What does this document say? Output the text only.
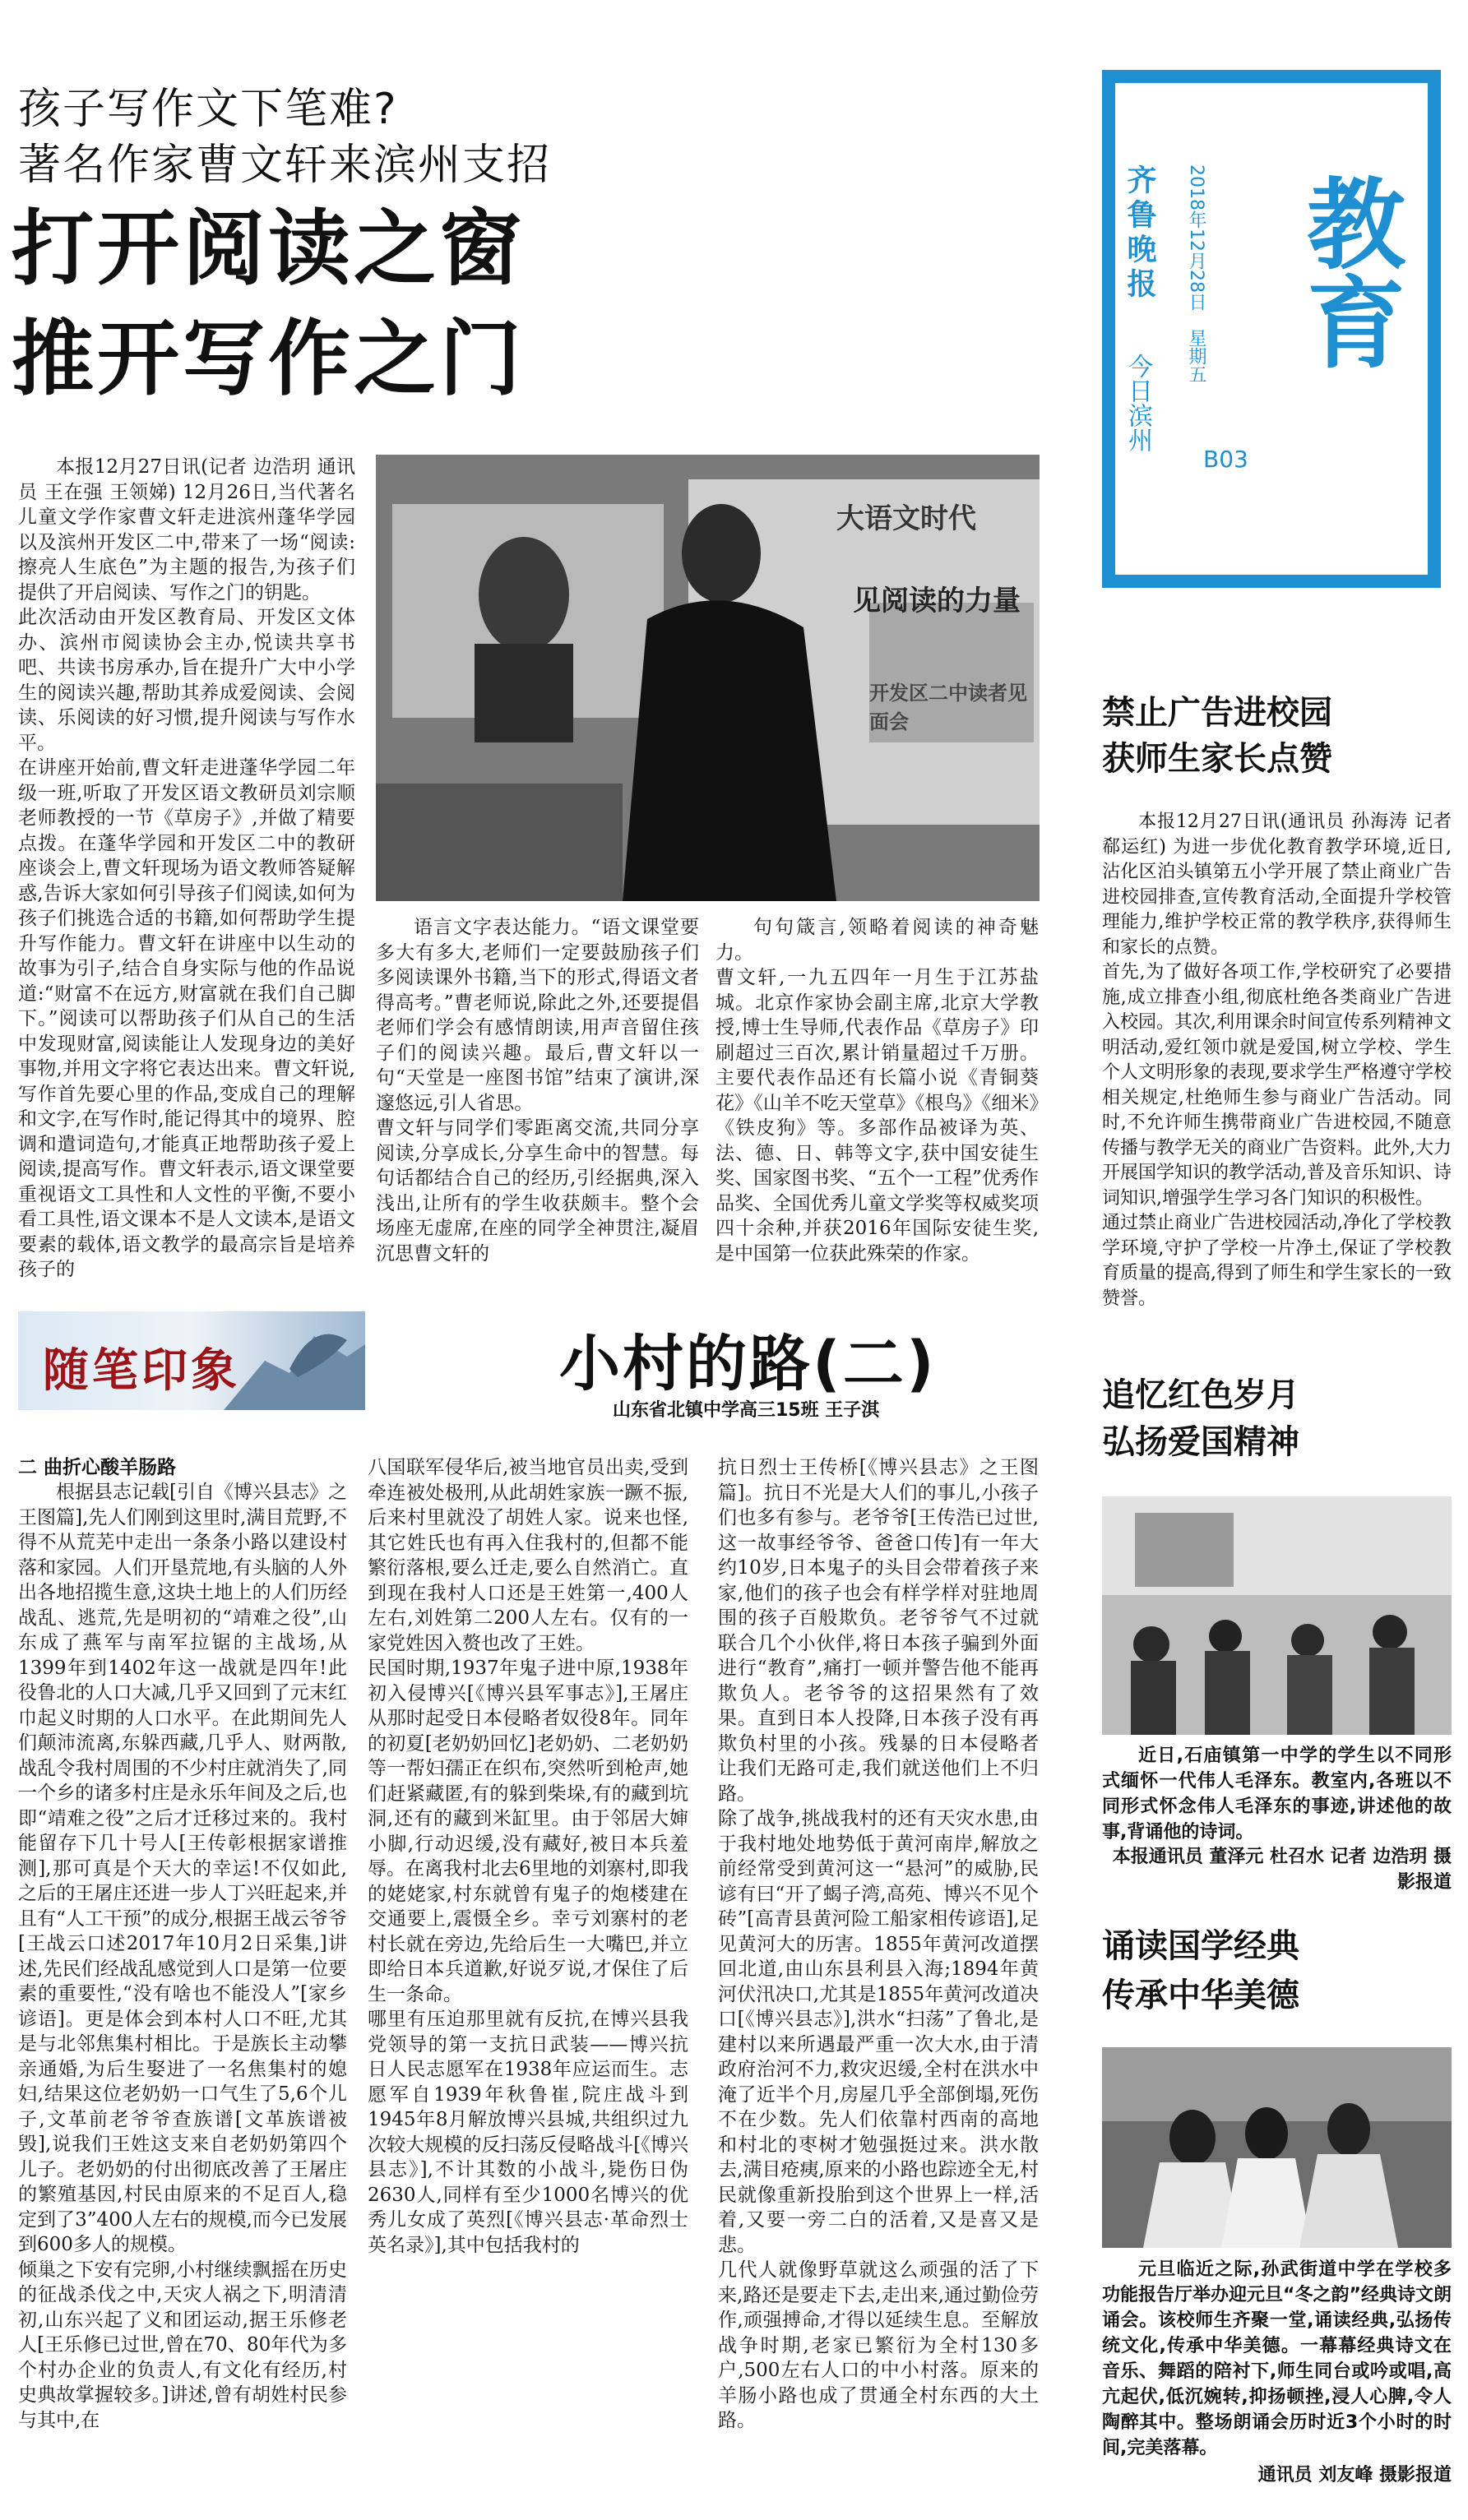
孩子写作文下笔难?
著名作家曹文轩来滨州支招
打开阅读之窗
推开写作之门
大语文时代
见阅读的力量
开发区二中读者见面会
本报12月27日讯(记者 边浩玥 通讯员 王在强 王领娣) 12月26日,当代著名儿童文学作家曹文轩走进滨州蓬华学园以及滨州开发区二中,带来了一场“阅读:擦亮人生底色”为主题的报告,为孩子们提供了开启阅读、写作之门的钥匙。
此次活动由开发区教育局、开发区文体办、滨州市阅读协会主办,悦读共享书吧、共读书房承办,旨在提升广大中小学生的阅读兴趣,帮助其养成爱阅读、会阅读、乐阅读的好习惯,提升阅读与写作水平。
在讲座开始前,曹文轩走进蓬华学园二年级一班,听取了开发区语文教研员刘宗顺老师教授的一节《草房子》,并做了精要点拨。在蓬华学园和开发区二中的教研座谈会上,曹文轩现场为语文教师答疑解惑,告诉大家如何引导孩子们阅读,如何为孩子们挑选合适的书籍,如何帮助学生提升写作能力。曹文轩在讲座中以生动的故事为引子,结合自身实际与他的作品说道:“财富不在远方,财富就在我们自己脚下。”阅读可以帮助孩子们从自己的生活中发现财富,阅读能让人发现身边的美好事物,并用文字将它表达出来。曹文轩说,写作首先要心里的作品,变成自己的理解和文字,在写作时,能记得其中的境界、腔调和遣词造句,才能真正地帮助孩子爱上阅读,提高写作。曹文轩表示,语文课堂要重视语文工具性和人文性的平衡,不要小看工具性,语文课本不是人文读本,是语文要素的载体,语文教学的最高宗旨是培养孩子的
语言文字表达能力。“语文课堂要多大有多大,老师们一定要鼓励孩子们多阅读课外书籍,当下的形式,得语文者得高考。”曹老师说,除此之外,还要提倡老师们学会有感情朗读,用声音留住孩子们的阅读兴趣。最后,曹文轩以一句“天堂是一座图书馆”结束了演讲,深邃悠远,引人省思。
曹文轩与同学们零距离交流,共同分享阅读,分享成长,分享生命中的智慧。每句话都结合自己的经历,引经据典,深入浅出,让所有的学生收获颇丰。整个会场座无虚席,在座的同学全神贯注,凝眉沉思曹文轩的
句句箴言,领略着阅读的神奇魅力。
曹文轩,一九五四年一月生于江苏盐城。北京作家协会副主席,北京大学教授,博士生导师,代表作品《草房子》印刷超过三百次,累计销量超过千万册。主要代表作品还有长篇小说《青铜葵花》《山羊不吃天堂草》《根鸟》《细米》《铁皮狗》等。多部作品被译为英、法、德、日、韩等文字,获中国安徒生奖、国家图书奖、“五个一工程”优秀作品奖、全国优秀儿童文学奖等权威奖项四十余种,并获2016年国际安徒生奖,是中国第一位获此殊荣的作家。
齐鲁晚报 2018年12月28日
星期五
今日滨州
教育
B03
禁止广告进校园
获师生家长点赞
本报12月27日讯(通讯员 孙海涛 记者 郗运红) 为进一步优化教育教学环境,近日,沾化区泊头镇第五小学开展了禁止商业广告进校园排查,宣传教育活动,全面提升学校管理能力,维护学校正常的教学秩序,获得师生和家长的点赞。
首先,为了做好各项工作,学校研究了必要措施,成立排查小组,彻底杜绝各类商业广告进入校园。其次,利用课余时间宣传系列精神文明活动,爱红领巾就是爱国,树立学校、学生个人文明形象的表现,要求学生严格遵守学校相关规定,杜绝师生参与商业广告活动。同时,不允许师生携带商业广告进校园,不随意传播与教学无关的商业广告资料。此外,大力开展国学知识的教学活动,普及音乐知识、诗词知识,增强学生学习各门知识的积极性。
通过禁止商业广告进校园活动,净化了学校教学环境,守护了学校一片净土,保证了学校教育质量的提高,得到了师生和学生家长的一致赞誉。
追忆红色岁月
弘扬爱国精神
近日,石庙镇第一中学的学生以不同形式缅怀一代伟人毛泽东。教室内,各班以不同形式怀念伟人毛泽东的事迹,讲述他的故事,背诵他的诗词。
本报通讯员 董泽元 杜召水 记者 边浩玥 摄影报道
诵读国学经典
传承中华美德
元旦临近之际,孙武街道中学在学校多功能报告厅举办迎元旦“冬之韵”经典诗文朗诵会。该校师生齐聚一堂,诵读经典,弘扬传统文化,传承中华美德。一幕幕经典诗文在音乐、舞蹈的陪衬下,师生同台或吟或唱,高亢起伏,低沉婉转,抑扬顿挫,浸人心脾,令人陶醉其中。整场朗诵会历时近3个小时的时间,完美落幕。
通讯员 刘友峰 摄影报道
随笔印象	小村的路(二)
山东省北镇中学高三15班 王子淇
二 曲折心酸羊肠路
根据县志记载[引自《博兴县志》之王图篇],先人们刚到这里时,满目荒野,不得不从荒芜中走出一条条小路以建设村落和家园。人们开垦荒地,有头脑的人外出各地招揽生意,这块土地上的人们历经战乱、逃荒,先是明初的“靖难之役”,山东成了燕军与南军拉锯的主战场,从1399年到1402年这一战就是四年!此役鲁北的人口大减,几乎又回到了元末红巾起义时期的人口水平。在此期间先人们颠沛流离,东躲西藏,几乎人、财两散,战乱令我村周围的不少村庄就消失了,同一个乡的诸多村庄是永乐年间及之后,也即“靖难之役”之后才迁移过来的。我村能留存下几十号人[王传彰根据家谱推测],那可真是个天大的幸运!不仅如此,之后的王屠庄还进一步人丁兴旺起来,并且有“人工干预”的成分,根据王战云爷爷[王战云口述2017年10月2日采集,]讲述,先民们经战乱感觉到人口是第一位要素的重要性,“没有啥也不能没人”[家乡谚语]。更是体会到本村人口不旺,尤其是与北邻焦集村相比。于是族长主动攀亲通婚,为后生娶进了一名焦集村的媳妇,结果这位老奶奶一口气生了5,6个儿子,文革前老爷爷查族谱[文革族谱被毁],说我们王姓这支来自老奶奶第四个儿子。老奶奶的付出彻底改善了王屠庄的繁殖基因,村民由原来的不足百人,稳定到了3”400人左右的规模,而今已发展到600多人的规模。
倾巢之下安有完卵,小村继续飘摇在历史的征战杀伐之中,天灾人祸之下,明清清初,山东兴起了义和团运动,据王乐修老人[王乐修已过世,曾在70、80年代为多个村办企业的负责人,有文化有经历,村史典故掌握较多。]讲述,曾有胡姓村民参与其中,在
八国联军侵华后,被当地官员出卖,受到牵连被处极刑,从此胡姓家族一蹶不振,后来村里就没了胡姓人家。说来也怪,其它姓氏也有再入住我村的,但都不能繁衍落根,要么迁走,要么自然消亡。直到现在我村人口还是王姓第一,400人左右,刘姓第二200人左右。仅有的一家党姓因入赘也改了王姓。
民国时期,1937年鬼子进中原,1938年初入侵博兴[《博兴县军事志》],王屠庄从那时起受日本侵略者奴役8年。同年的初夏[老奶奶回忆]老奶奶、二老奶奶等一帮妇孺正在织布,突然听到枪声,她们赶紧藏匿,有的躲到柴垛,有的藏到坑洞,还有的藏到米缸里。由于邻居大婶小脚,行动迟缓,没有藏好,被日本兵羞辱。在离我村北去6里地的刘寨村,即我的姥姥家,村东就曾有鬼子的炮楼建在交通要上,震慑全乡。幸亏刘寨村的老村长就在旁边,先给后生一大嘴巴,并立即给日本兵道歉,好说歹说,才保住了后生一条命。
哪里有压迫那里就有反抗,在博兴县我党领导的第一支抗日武装——博兴抗日人民志愿军在1938年应运而生。志愿军自1939年秋鲁崔,院庄战斗到1945年8月解放博兴县城,共组织过九次较大规模的反扫荡反侵略战斗[《博兴县志》],不计其数的小战斗,毙伤日伪2630人,同样有至少1000名博兴的优秀儿女成了英烈[《博兴县志·革命烈士英名录》],其中包括我村的
抗日烈士王传桥[《博兴县志》之王图篇]。抗日不光是大人们的事儿,小孩子们也多有参与。老爷爷[王传浩已过世,这一故事经爷爷、爸爸口传]有一年大约10岁,日本鬼子的头目会带着孩子来家,他们的孩子也会有样学样对驻地周围的孩子百般欺负。老爷爷气不过就联合几个小伙伴,将日本孩子骗到外面进行“教育”,痛打一顿并警告他不能再欺负人。老爷爷的这招果然有了效果。直到日本人投降,日本孩子没有再欺负村里的小孩。残暴的日本侵略者让我们无路可走,我们就送他们上不归路。
除了战争,挑战我村的还有天灾水患,由于我村地处地势低于黄河南岸,解放之前经常受到黄河这一“悬河”的威胁,民谚有曰“开了蝎子湾,高苑、博兴不见个砖”[高青县黄河险工船家相传谚语],足见黄河大的历害。1855年黄河改道摆回北道,由山东县利县入海;1894年黄河伏汛决口,尤其是1855年黄河改道决口[《博兴县志》],洪水“扫荡”了鲁北,是建村以来所遇最严重一次大水,由于清政府治河不力,救灾迟缓,全村在洪水中淹了近半个月,房屋几乎全部倒塌,死伤不在少数。先人们依靠村西南的高地和村北的枣树才勉强挺过来。洪水散去,满目疮痍,原来的小路也踪迹全无,村民就像重新投胎到这个世界上一样,活着,又要一旁二白的活着,又是喜又是悲。
几代人就像野草就这么顽强的活了下来,路还是要走下去,走出来,通过勤俭劳作,顽强搏命,才得以延续生息。至解放战争时期,老家已繁衍为全村130多户,500左右人口的中小村落。原来的羊肠小路也成了贯通全村东西的大土路。
